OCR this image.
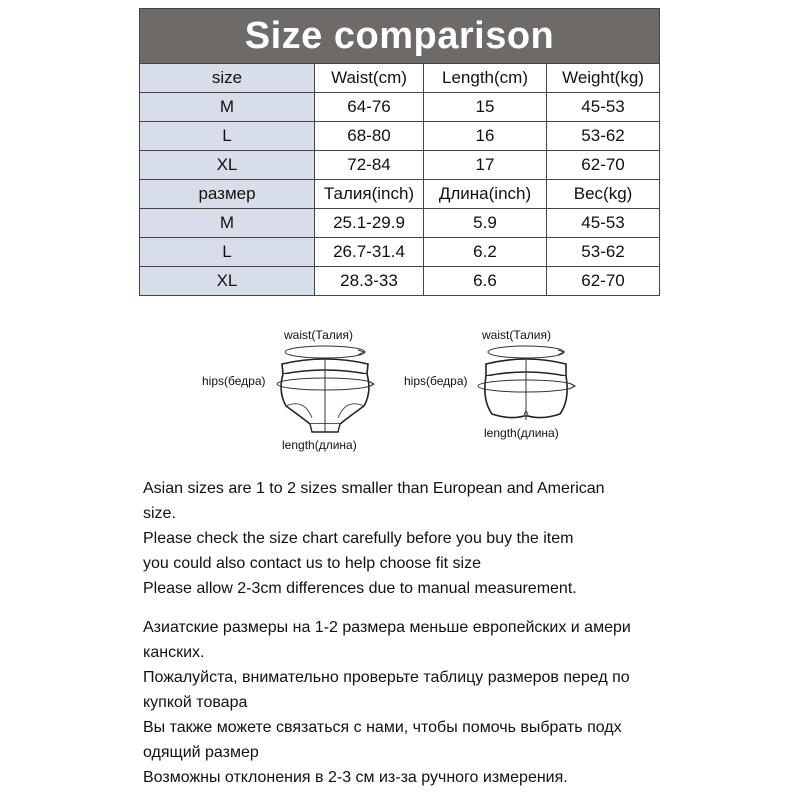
Size comparison			
size	Waist(cm)	Length(cm)	Weight(kg)
M	64-76	15	45-53
L	68-80	16	53-62
XL	72-84	17	62-70
размер	Талия(inch)	Длина(inch)	Вес(kg)
M	25.1-29.9	5.9	45-53
L	26.7-31.4	6.2	53-62
XL	28.3-33	6.6	62-70
waist(Талия)
hips(бедра)
length(длина)
waist(Талия)
hips(бедра)
length(длина)

Asian sizes are 1 to 2 sizes smaller than European and American

size.

Please check the size chart carefully before you buy the item

you could also contact us to help choose fit size

Please allow 2-3cm differences due to manual measurement.

Азиатские размеры на 1-2 размера меньше европейских и амери

канских.

Пожалуйста, внимательно проверьте таблицу размеров перед по

купкой товара

Вы также можете связаться с нами, чтобы помочь выбрать подх

одящий размер

Возможны отклонения в 2-3 см из-за ручного измерения.
